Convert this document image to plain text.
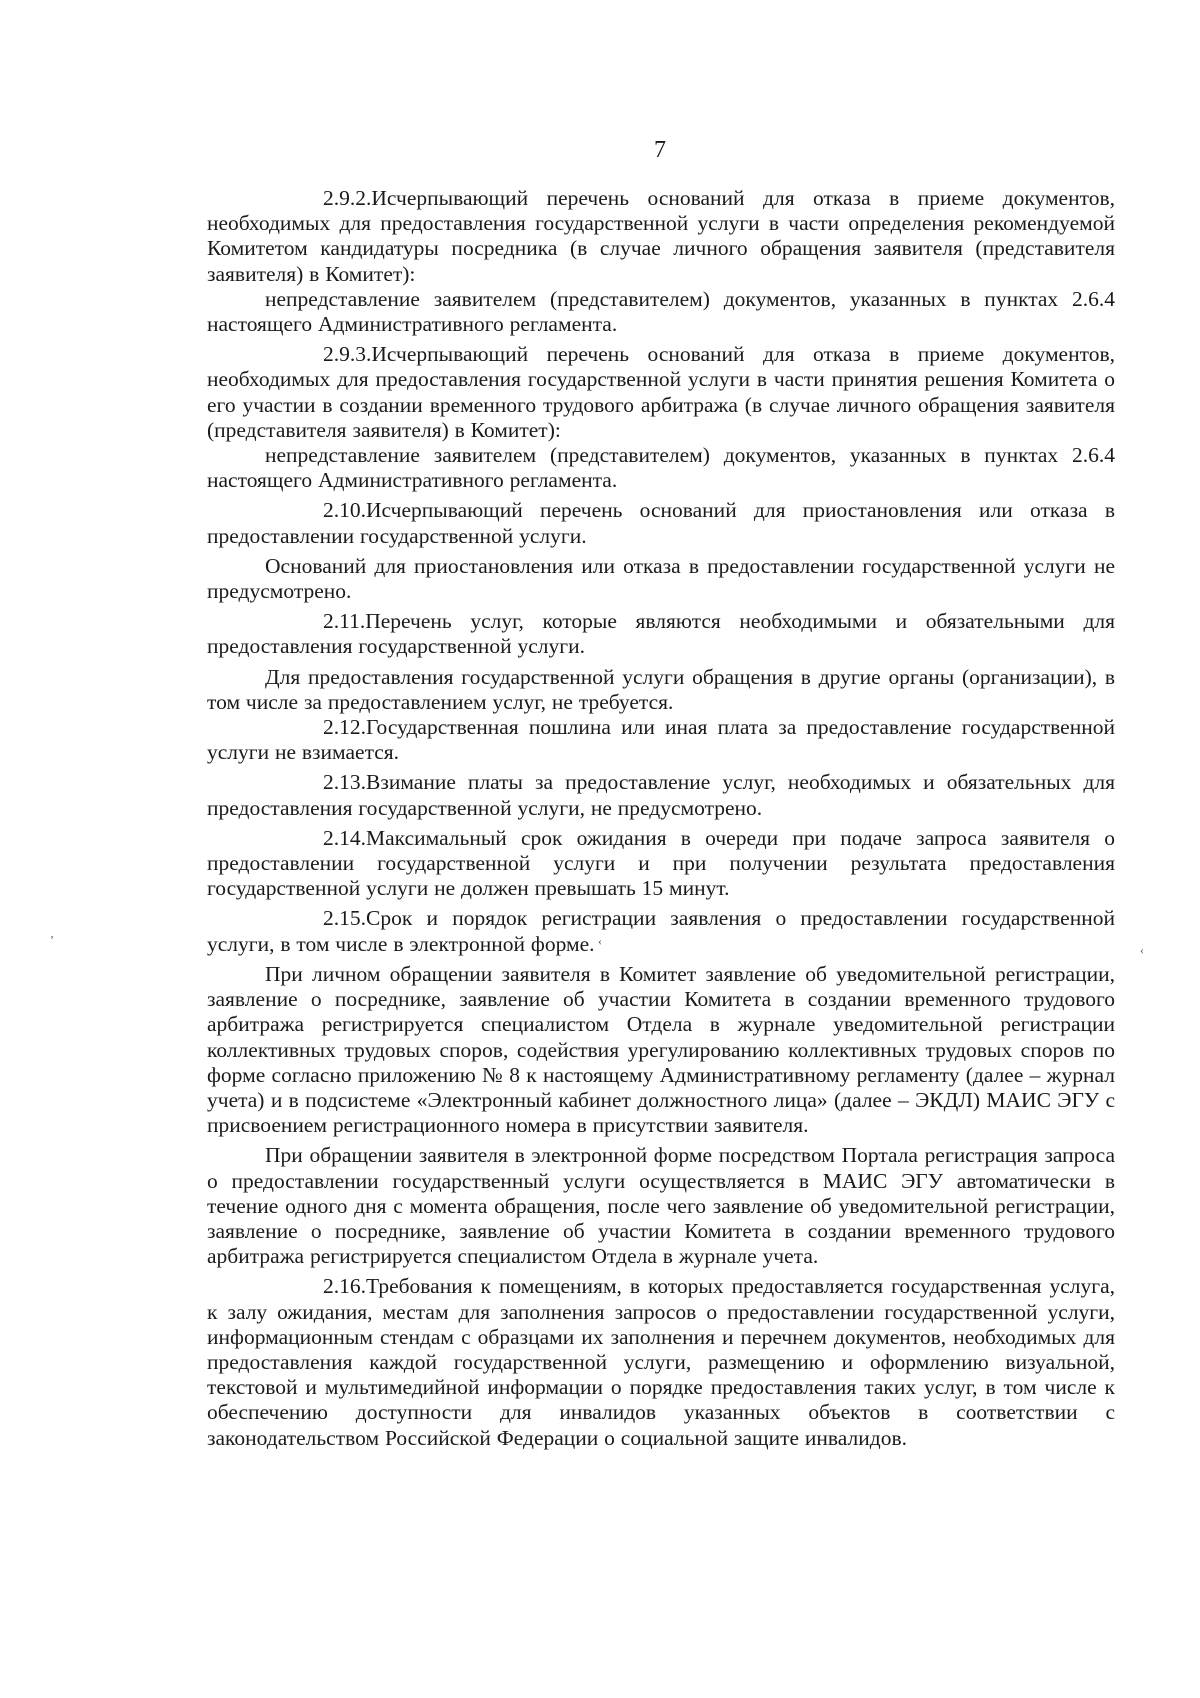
7

2.9.2.Исчерпывающий перечень оснований для отказа в приеме документов, необходимых для предоставления государственной услуги в части определения рекомендуемой Комитетом кандидатуры посредника (в случае личного обращения заявителя (представителя заявителя) в Комитет):

непредставление заявителем (представителем) документов, указанных в пунктах 2.6.4 настоящего Административного регламента.

2.9.3.Исчерпывающий перечень оснований для отказа в приеме документов, необходимых для предоставления государственной услуги в части принятия решения Комитета о его участии в создании временного трудового арбитража (в случае личного обращения заявителя (представителя заявителя) в Комитет):

непредставление заявителем (представителем) документов, указанных в пунктах 2.6.4 настоящего Административного регламента.

2.10.Исчерпывающий перечень оснований для приостановления или отказа в предоставлении государственной услуги.

Оснований для приостановления или отказа в предоставлении государственной услуги не предусмотрено.

2.11.Перечень услуг, которые являются необходимыми и обязательными для предоставления государственной услуги.

Для предоставления государственной услуги обращения в другие органы (организации), в том числе за предоставлением услуг, не требуется.

2.12.Государственная пошлина или иная плата за предоставление государственной услуги не взимается.

2.13.Взимание платы за предоставление услуг, необходимых и обязательных для предоставления государственной услуги, не предусмотрено.

2.14.Максимальный срок ожидания в очереди при подаче запроса заявителя о предоставлении государственной услуги и при получении результата предоставления государственной услуги не должен превышать 15 минут.

2.15.Срок и порядок регистрации заявления о предоставлении государственной услуги, в том числе в электронной форме.

При личном обращении заявителя в Комитет заявление об уведомительной регистрации, заявление о посреднике, заявление об участии Комитета в создании временного трудового арбитража регистрируется специалистом Отдела в журнале уведомительной регистрации коллективных трудовых споров, содействия урегулированию коллективных трудовых споров по форме согласно приложению № 8 к настоящему Административному регламенту (далее – журнал учета) и в подсистеме «Электронный кабинет должностного лица» (далее – ЭКДЛ) МАИС ЭГУ с присвоением регистрационного номера в присутствии заявителя.

При обращении заявителя в электронной форме посредством Портала регистрация запроса о предоставлении государственный услуги осуществляется в МАИС ЭГУ автоматически в течение одного дня с момента обращения, после чего заявление об уведомительной регистрации, заявление о посреднике, заявление об участии Комитета в создании временного трудового арбитража регистрируется специалистом Отдела в журнале учета.

2.16.Требования к помещениям, в которых предоставляется государственная услуга, к залу ожидания, местам для заполнения запросов о предоставлении государственной услуги, информационным стендам с образцами их заполнения и перечнем документов, необходимых для предоставления каждой государственной услуги, размещению и оформлению визуальной, текстовой и мультимедийной информации о порядке предоставления таких услуг, в том числе к обеспечению доступности для инвалидов указанных объектов в соответствии с законодательством Российской Федерации о социальной защите инвалидов.

ʼ	‹
‹
